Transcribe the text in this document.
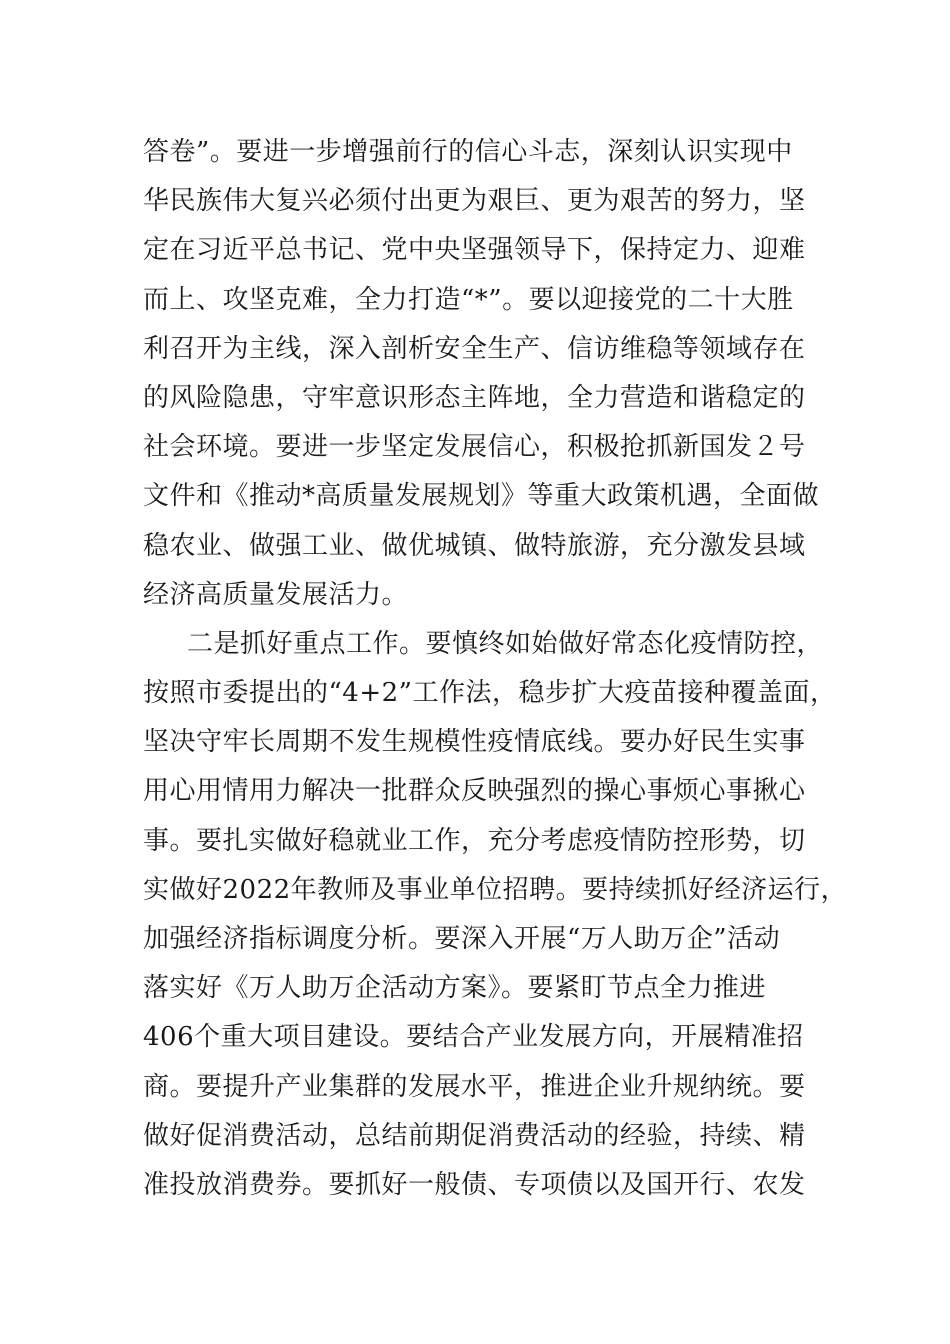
答卷”。要进一步增强前行的信心斗志，深刻认识实现中
华民族伟大复兴必须付出更为艰巨、更为艰苦的努力，坚
定在习近平总书记、党中央坚强领导下，保持定力、迎难
而上、攻坚克难，全力打造“*”。要以迎接党的二十大胜
利召开为主线，深入剖析安全生产、信访维稳等领域存在
的风险隐患，守牢意识形态主阵地，全力营造和谐稳定的
社会环境。要进一步坚定发展信心，积极抢抓新国发２号
文件和《推动*高质量发展规划》等重大政策机遇，全面做
稳农业、做强工业、做优城镇、做特旅游，充分激发县域
经济高质量发展活力。
二是抓好重点工作。要慎终如始做好常态化疫情防控，
按照市委提出的“4+2”工作法，稳步扩大疫苗接种覆盖面，
坚决守牢长周期不发生规模性疫情底线。要办好民生实事
用心用情用力解决一批群众反映强烈的操心事烦心事揪心
事。要扎实做好稳就业工作，充分考虑疫情防控形势，切
实做好2022年教师及事业单位招聘。要持续抓好经济运行，
加强经济指标调度分析。要深入开展“万人助万企”活动
落实好《万人助万企活动方案》。要紧盯节点全力推进
406个重大项目建设。要结合产业发展方向，开展精准招
商。要提升产业集群的发展水平，推进企业升规纳统。要
做好促消费活动，总结前期促消费活动的经验，持续、精
准投放消费券。要抓好一般债、专项债以及国开行、农发
